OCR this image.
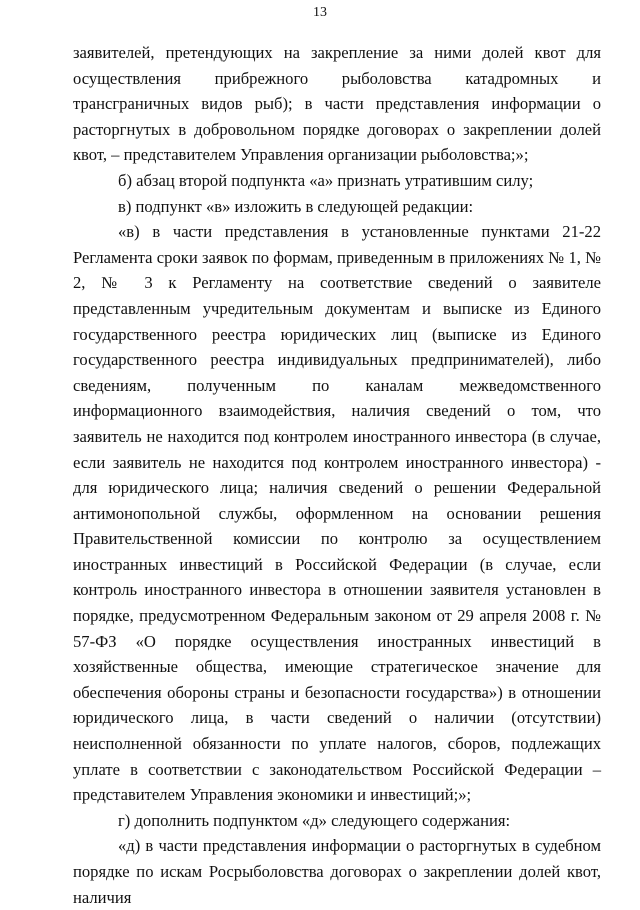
13

заявителей, претендующих на закрепление за ними долей квот для осуществления прибрежного рыболовства катадромных и трансграничных видов рыб); в части представления информации о расторгнутых в добровольном порядке договорах о закреплении долей квот, – представителем Управления организации рыболовства;»;

б) абзац второй подпункта «а» признать утратившим силу;

в) подпункт «в» изложить в следующей редакции:

«в) в части представления в установленные пунктами 21-22 Регламента сроки заявок по формам, приведенным в приложениях № 1, № 2, № 3 к Регламенту на соответствие сведений о заявителе представленным учредительным документам и выписке из Единого государственного реестра юридических лиц (выписке из Единого государственного реестра индивидуальных предпринимателей), либо сведениям, полученным по каналам межведомственного информационного взаимодействия, наличия сведений о том, что заявитель не находится под контролем иностранного инвестора (в случае, если заявитель не находится под контролем иностранного инвестора) - для юридического лица; наличия сведений о решении Федеральной антимонопольной службы, оформленном на основании решения Правительственной комиссии по контролю за осуществлением иностранных инвестиций в Российской Федерации (в случае, если контроль иностранного инвестора в отношении заявителя установлен в порядке, предусмотренном Федеральным законом от 29 апреля 2008 г. № 57-ФЗ «О порядке осуществления иностранных инвестиций в хозяйственные общества, имеющие стратегическое значение для обеспечения обороны страны и безопасности государства») в отношении юридического лица, в части сведений о наличии (отсутствии) неисполненной обязанности по уплате налогов, сборов, подлежащих уплате в соответствии с законодательством Российской Федерации – представителем Управления экономики и инвестиций;»;

г) дополнить подпунктом «д» следующего содержания:

«д) в части представления информации о расторгнутых в судебном порядке по искам Росрыболовства договорах о закреплении долей квот, наличия
